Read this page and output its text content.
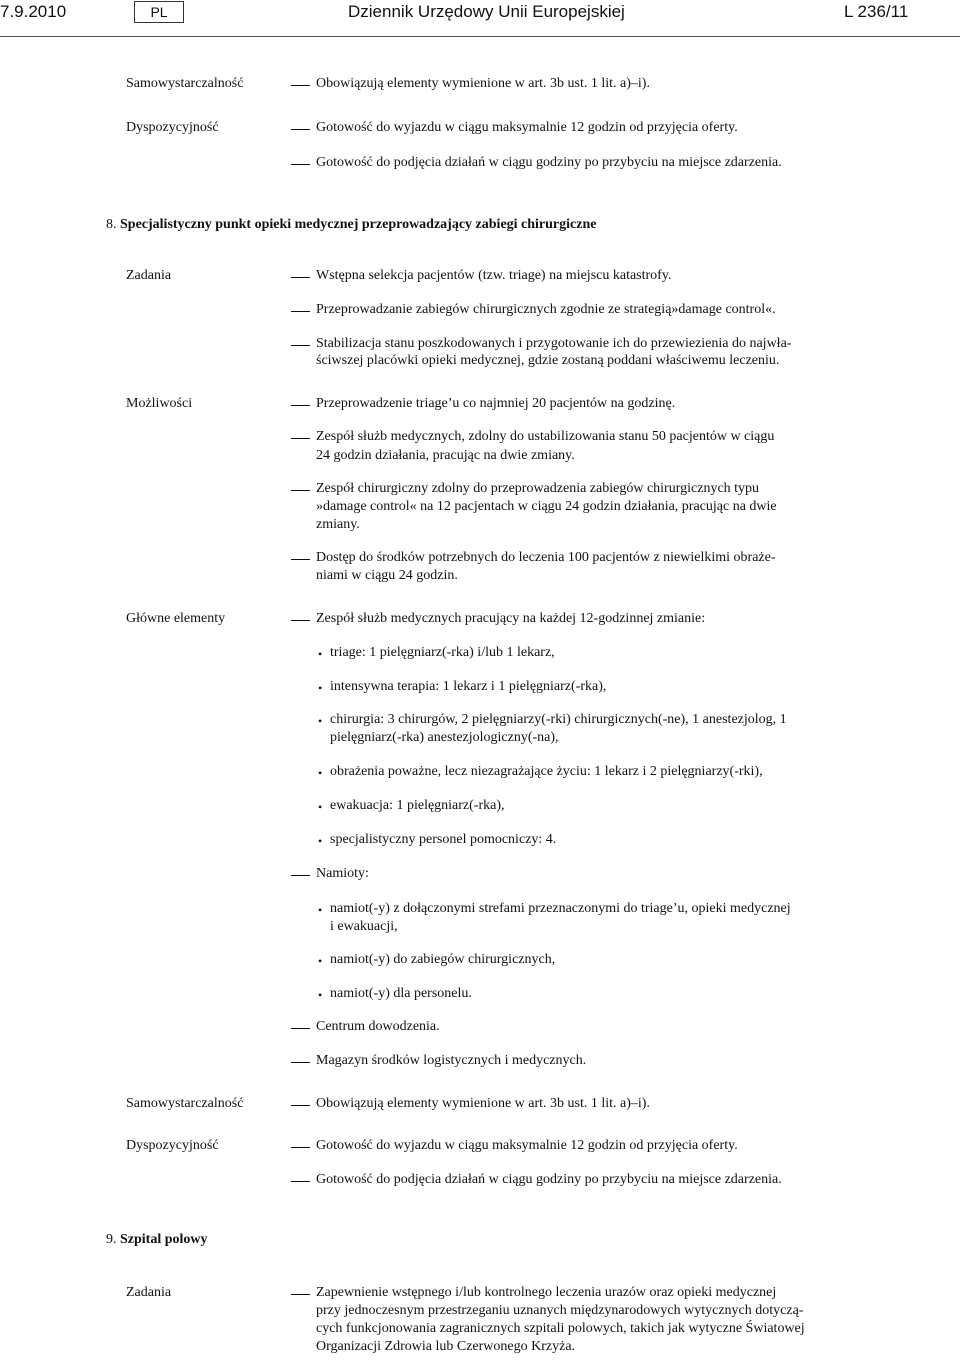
7.9.2010	PL	Dziennik Urzędowy Unii Europejskiej	L 236/11
Samowystarczalność	Obowiązują elementy wymienione w art. 3b ust. 1 lit. a)–i).
Dyspozycyjność	Gotowość do wyjazdu w ciągu maksymalnie 12 godzin od przyjęcia oferty.
Gotowość do podjęcia działań w ciągu godziny po przybyciu na miejsce zdarzenia.
8. Specjalistyczny punkt opieki medycznej przeprowadzający zabiegi chirurgiczne
Zadania	Wstępna selekcja pacjentów (tzw. triage) na miejscu katastrofy.
Przeprowadzanie zabiegów chirurgicznych zgodnie ze strategią»damage control«.
Stabilizacja stanu poszkodowanych i przygotowanie ich do przewiezienia do najwła-
ściwszej placówki opieki medycznej, gdzie zostaną poddani właściwemu leczeniu.
Możliwości	Przeprowadzenie triage’u co najmniej 20 pacjentów na godzinę.
Zespół służb medycznych, zdolny do ustabilizowania stanu 50 pacjentów w ciągu
24 godzin działania, pracując na dwie zmiany.
Zespół chirurgiczny zdolny do przeprowadzenia zabiegów chirurgicznych typu
»damage control« na 12 pacjentach w ciągu 24 godzin działania, pracując na dwie
zmiany.
Dostęp do środków potrzebnych do leczenia 100 pacjentów z niewielkimi obraże-
niami w ciągu 24 godzin.
Główne elementy	Zespół służb medycznych pracujący na każdej 12-godzinnej zmianie:
• triage: 1 pielęgniarz(-rka) i/lub 1 lekarz,
• intensywna terapia: 1 lekarz i 1 pielęgniarz(-rka),
• chirurgia: 3 chirurgów, 2 pielęgniarzy(-rki) chirurgicznych(-ne), 1 anestezjolog, 1
pielęgniarz(-rka) anestezjologiczny(-na),
• obrażenia poważne, lecz niezagrażające życiu: 1 lekarz i 2 pielęgniarzy(-rki),
• ewakuacja: 1 pielęgniarz(-rka),
• specjalistyczny personel pomocniczy: 4.
Namioty:
• namiot(-y) z dołączonymi strefami przeznaczonymi do triage’u, opieki medycznej
i ewakuacji,
• namiot(-y) do zabiegów chirurgicznych,
• namiot(-y) dla personelu.
Centrum dowodzenia.
Magazyn środków logistycznych i medycznych.
Samowystarczalność	Obowiązują elementy wymienione w art. 3b ust. 1 lit. a)–i).
Dyspozycyjność	Gotowość do wyjazdu w ciągu maksymalnie 12 godzin od przyjęcia oferty.
Gotowość do podjęcia działań w ciągu godziny po przybyciu na miejsce zdarzenia.
9. Szpital polowy
Zadania	Zapewnienie wstępnego i/lub kontrolnego leczenia urazów oraz opieki medycznej
przy jednoczesnym przestrzeganiu uznanych międzynarodowych wytycznych dotyczą-
cych funkcjonowania zagranicznych szpitali polowych, takich jak wytyczne Światowej
Organizacji Zdrowia lub Czerwonego Krzyża.
